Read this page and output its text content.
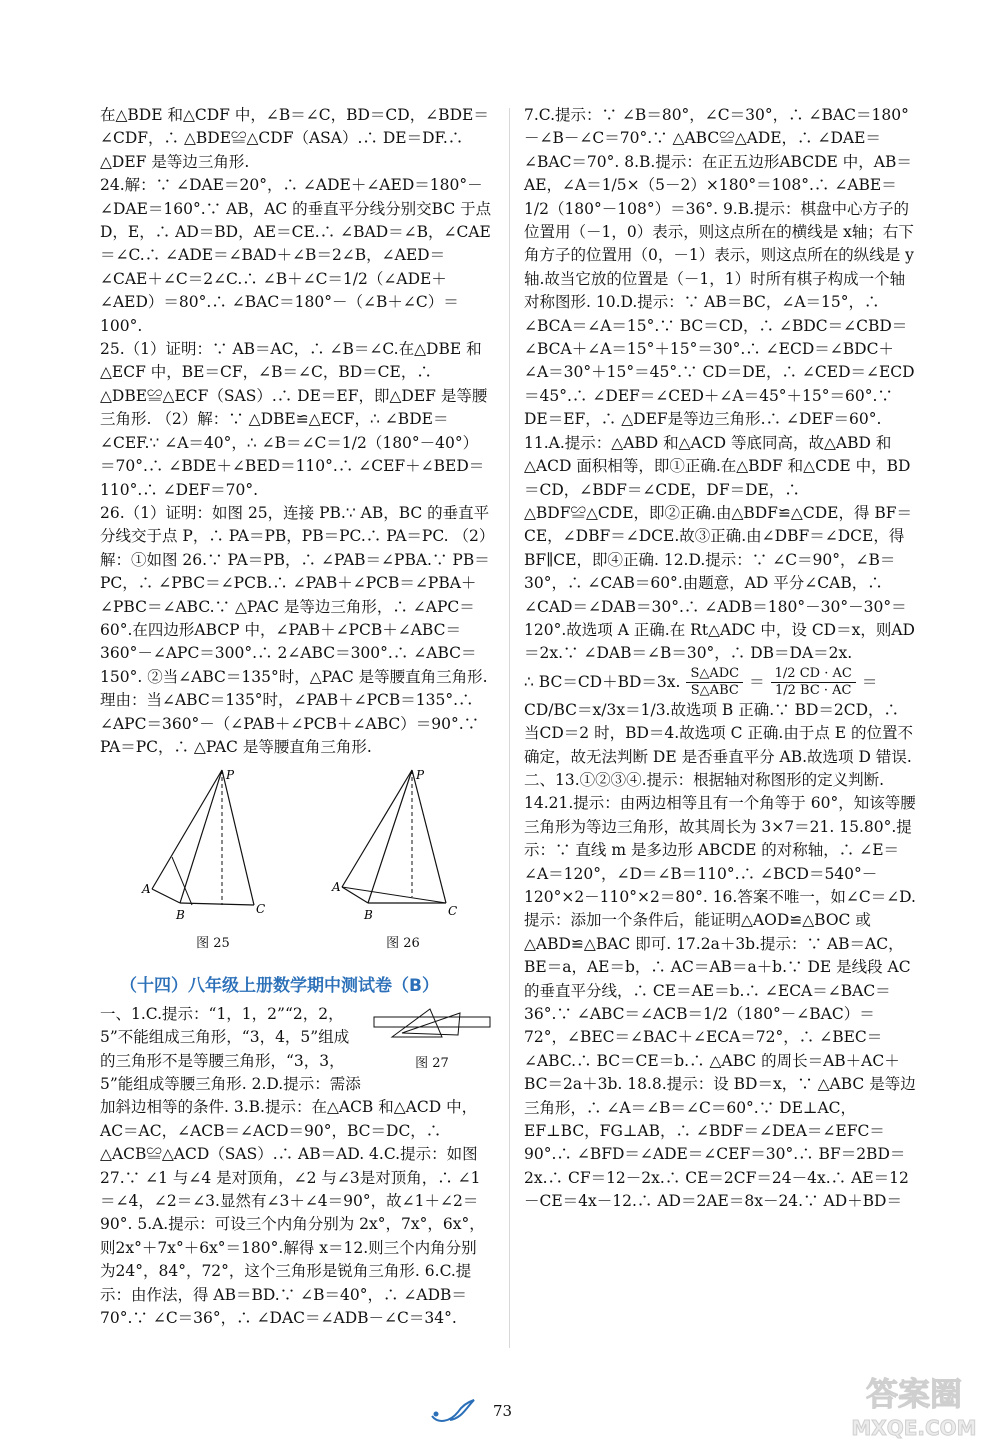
在△BDE 和△CDF 中，∠B＝∠C，BD＝CD，∠BDE＝∠CDF，∴ △BDE≌△CDF（ASA）.∴ DE＝DF.∴ △DEF 是等边三角形.

24.解：∵ ∠DAE＝20°，∴ ∠ADE＋∠AED＝180°－∠DAE＝160°.∵ AB，AC 的垂直平分线分别交BC 于点 D，E，∴ AD＝BD，AE＝CE.∴ ∠BAD＝∠B，∠CAE＝∠C.∴ ∠ADE＝∠BAD＋∠B＝2∠B，∠AED＝∠CAE＋∠C＝2∠C.∴ ∠B＋∠C＝1/2（∠ADE＋∠AED）＝80°.∴ ∠BAC＝180°－（∠B＋∠C）＝100°.

25.（1）证明：∵ AB＝AC，∴ ∠B＝∠C.在△DBE 和△ECF 中，BE＝CF，∠B＝∠C，BD＝CE，∴ △DBE≌△ECF（SAS）.∴ DE＝EF，即△DEF 是等腰三角形. （2）解：∵ △DBE≌△ECF，∴ ∠BDE＝∠CEF.∵ ∠A＝40°，∴ ∠B＝∠C＝1/2（180°－40°）＝70°.∴ ∠BDE＋∠BED＝110°.∴ ∠CEF＋∠BED＝110°.∴ ∠DEF＝70°.

26.（1）证明：如图 25，连接 PB.∵ AB，BC 的垂直平分线交于点 P，∴ PA＝PB，PB＝PC.∴ PA＝PC. （2）解：①如图 26.∵ PA＝PB，∴ ∠PAB＝∠PBA.∵ PB＝PC，∴ ∠PBC＝∠PCB.∴ ∠PAB＋∠PCB＝∠PBA＋∠PBC＝∠ABC.∵ △PAC 是等边三角形，∴ ∠APC＝60°.在四边形ABCP 中，∠PAB＋∠PCB＋∠ABC＝360°－∠APC＝300°.∴ 2∠ABC＝300°.∴ ∠ABC＝150°. ②当∠ABC＝135°时，△PAC 是等腰直角三角形.理由：当∠ABC＝135°时，∠PAB＋∠PCB＝135°.∴ ∠APC＝360°－（∠PAB＋∠PCB＋∠ABC）＝90°.∵ PA＝PC，∴ △PAC 是等腰直角三角形.

P
A
B	C
图 25
P
A
B	C
图 26
（十四）八年级上册数学期中测试卷（B）
图 27

一、1.C.提示：“1，1，2”“2，2，5”不能组成三角形，“3，4，5”组成的三角形不是等腰三角形，“3，3，5”能组成等腰三角形. 2.D.提示：需添加斜边相等的条件. 3.B.提示：在△ACB 和△ACD 中，AC＝AC，∠ACB＝∠ACD＝90°，BC＝DC，∴ △ACB≌△ACD（SAS）.∴ AB＝AD. 4.C.提示：如图 27.∵ ∠1 与∠4 是对顶角，∠2 与∠3是对顶角，∴ ∠1＝∠4，∠2＝∠3.显然有∠3＋∠4＝90°，故∠1＋∠2＝90°. 5.A.提示：可设三个内角分别为 2x°，7x°，6x°，则2x°＋7x°＋6x°＝180°.解得 x＝12.则三个内角分别为24°，84°，72°，这个三角形是锐角三角形. 6.C.提示：由作法，得 AB＝BD.∵ ∠B＝40°，∴ ∠ADB＝70°.∵ ∠C＝36°，∴ ∠DAC＝∠ADB－∠C＝34°.

7.C.提示：∵ ∠B＝80°，∠C＝30°，∴ ∠BAC＝180°－∠B－∠C＝70°.∵ △ABC≌△ADE，∴ ∠DAE＝∠BAC＝70°. 8.B.提示：在正五边形ABCDE 中，AB＝AE，∠A＝1/5×（5－2）×180°＝108°.∴ ∠ABE＝1/2（180°－108°）＝36°. 9.B.提示：棋盘中心方子的位置用（－1，0）表示，则这点所在的横线是 x轴；右下角方子的位置用（0，－1）表示，则这点所在的纵线是 y 轴.故当它放的位置是（－1，1）时所有棋子构成一个轴对称图形. 10.D.提示：∵ AB＝BC，∠A＝15°，∴ ∠BCA＝∠A＝15°.∵ BC＝CD，∴ ∠BDC＝∠CBD＝∠BCA＋∠A＝15°＋15°＝30°.∴ ∠ECD＝∠BDC＋∠A＝30°＋15°＝45°.∵ CD＝DE，∴ ∠CED＝∠ECD＝45°.∴ ∠DEF＝∠CED＋∠A＝45°＋15°＝60°.∵ DE＝EF，∴ △DEF是等边三角形.∴ ∠DEF＝60°. 11.A.提示：△ABD 和△ACD 等底同高，故△ABD 和△ACD 面积相等，即①正确.在△BDF 和△CDE 中，BD＝CD，∠BDF＝∠CDE，DF＝DE，∴ △BDF≌△CDE，即②正确.由△BDF≌△CDE，得 BF＝CE，∠DBF＝∠DCE.故③正确.由∠DBF＝∠DCE，得 BF∥CE，即④正确. 12.D.提示：∵ ∠C＝90°，∠B＝30°，∴ ∠CAB＝60°.由题意，AD 平分∠CAB，∴ ∠CAD＝∠DAB＝30°.∴ ∠ADB＝180°－30°－30°＝120°.故选项 A 正确.在 Rt△ADC 中，设 CD＝x，则AD＝2x.∵ ∠DAB＝∠B＝30°，∴ DB＝DA＝2x.

∴ BC＝CD＋BD＝3x. $\frac{\text{S△ADC}}{\text{S△ABC}} = \frac{1/2 CD \cdot AC}{1/2 BC \cdot AC}$ ＝

CD/BC＝x/3x＝1/3.故选项 B 正确.∵ BD＝2CD，∴ 当CD＝2 时，BD＝4.故选项 C 正确.由于点 E 的位置不确定，故无法判断 DE 是否垂直平分 AB.故选项 D 错误.

二、13.①②③④.提示：根据轴对称图形的定义判断. 14.21.提示：由两边相等且有一个角等于 60°，知该等腰三角形为等边三角形，故其周长为 3×7＝21. 15.80°.提示：∵ 直线 m 是多边形 ABCDE 的对称轴，∴ ∠E＝∠A＝120°，∠D＝∠B＝110°.∴ ∠BCD＝540°－120°×2－110°×2＝80°. 16.答案不唯一，如∠C＝∠D.提示：添加一个条件后，能证明△AOD≌△BOC 或△ABD≌△BAC 即可. 17.2a＋3b.提示：∵ AB＝AC，BE＝a，AE＝b，∴ AC＝AB＝a＋b.∵ DE 是线段 AC 的垂直平分线，∴ CE＝AE＝b.∴ ∠ECA＝∠BAC＝36°.∵ ∠ABC＝∠ACB＝1/2（180°－∠BAC）＝72°，∠BEC＝∠BAC＋∠ECA＝72°，∴ ∠BEC＝∠ABC.∴ BC＝CE＝b.∴ △ABC 的周长＝AB＋AC＋BC＝2a＋3b. 18.8.提示：设 BD＝x，∵ △ABC 是等边三角形，∴ ∠A＝∠B＝∠C＝60°.∵ DE⊥AC，EF⊥BC，FG⊥AB，∴ ∠BDF＝∠DEA＝∠EFC＝90°.∴ ∠BFD＝∠ADE＝∠CEF＝30°.∴ BF＝2BD＝2x.∴ CF＝12－2x.∴ CE＝2CF＝24－4x.∴ AE＝12－CE＝4x－12.∴ AD＝2AE＝8x－24.∵ AD＋BD＝

73	答案圈
MXQE.COM
